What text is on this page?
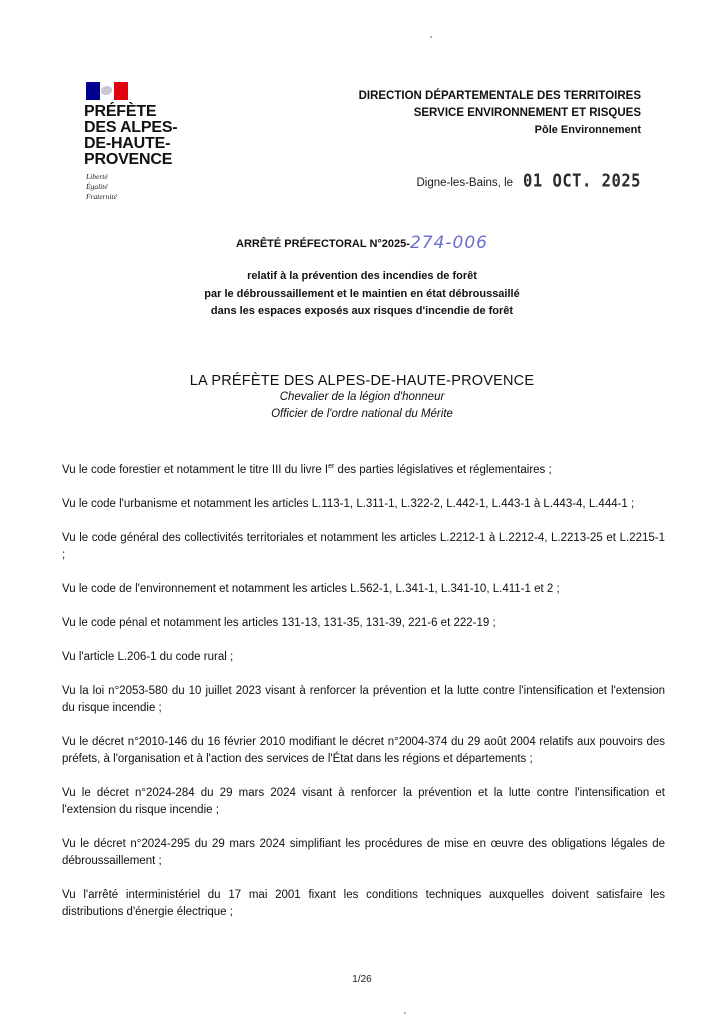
PRÉFÈTE
DES ALPES-
DE-HAUTE-
PROVENCE
Liberté
Égalité
Fraternité
DIRECTION DÉPARTEMENTALE DES TERRITOIRES
SERVICE ENVIRONNEMENT ET RISQUES
Pôle Environnement
Digne-les-Bains, le 01 OCT. 2025
ARRÊTÉ PRÉFECTORAL N°2025-274-006
relatif à la prévention des incendies de forêt
par le débroussaillement et le maintien en état débroussaillé
dans les espaces exposés aux risques d'incendie de forêt
LA PRÉFÈTE DES ALPES-DE-HAUTE-PROVENCE
Chevalier de la légion d'honneur
Officier de l'ordre national du Mérite

Vu le code forestier et notamment le titre III du livre Ier des parties législatives et réglementaires ;

Vu le code l'urbanisme et notamment les articles L.113-1, L.311-1, L.322-2, L.442-1, L.443-1 à L.443-4, L.444-1 ;

Vu le code général des collectivités territoriales et notamment les articles L.2212-1 à L.2212-4, L.2213-25 et L.2215-1 ;

Vu le code de l'environnement et notamment les articles L.562-1, L.341-1, L.341-10, L.411-1 et 2 ;

Vu le code pénal et notamment les articles 131-13, 131-35, 131-39, 221-6 et 222-19 ;

Vu l'article L.206-1 du code rural ;

Vu la loi n°2053-580 du 10 juillet 2023 visant à renforcer la prévention et la lutte contre l'intensification et l'extension du risque incendie ;

Vu le décret n°2010-146 du 16 février 2010 modifiant le décret n°2004-374 du 29 août 2004 relatifs aux pouvoirs des préfets, à l'organisation et à l'action des services de l'État dans les régions et départements ;

Vu le décret n°2024-284 du 29 mars 2024 visant à renforcer la prévention et la lutte contre l'intensification et l'extension du risque incendie ;

Vu le décret n°2024-295 du 29 mars 2024 simplifiant les procédures de mise en œuvre des obligations légales de débroussaillement ;

Vu l'arrêté interministériel du 17 mai 2001 fixant les conditions techniques auxquelles doivent satisfaire les distributions d'énergie électrique ;

1/26
